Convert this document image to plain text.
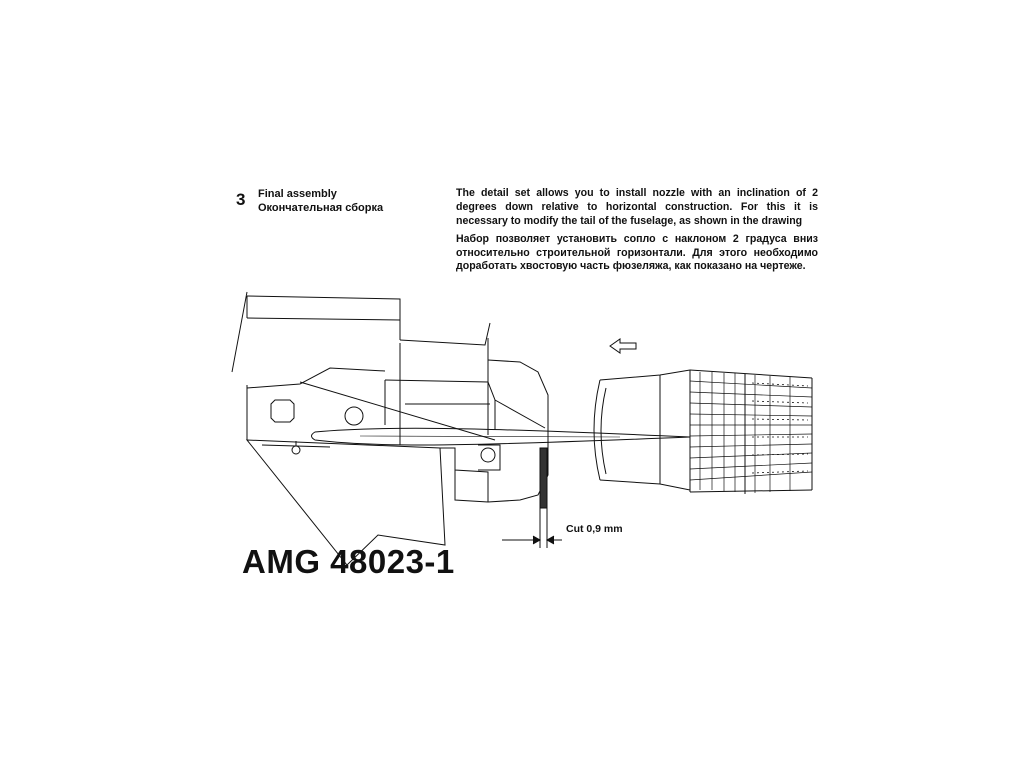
3 Final assembly
Окончательная сборка
The detail set allows you to install nozzle with an inclination of 2 degrees down relative to horizontal construction. For this it is necessary to modify the tail of the fuselage, as shown in the drawing
Набор позволяет установить сопло с наклоном 2 градуса вниз относительно строительной горизонтали. Для этого необходимо доработать хвостовую часть фюзеляжа, как показано на чертеже.
Cut 0,9 mm
AMG 48023-1
